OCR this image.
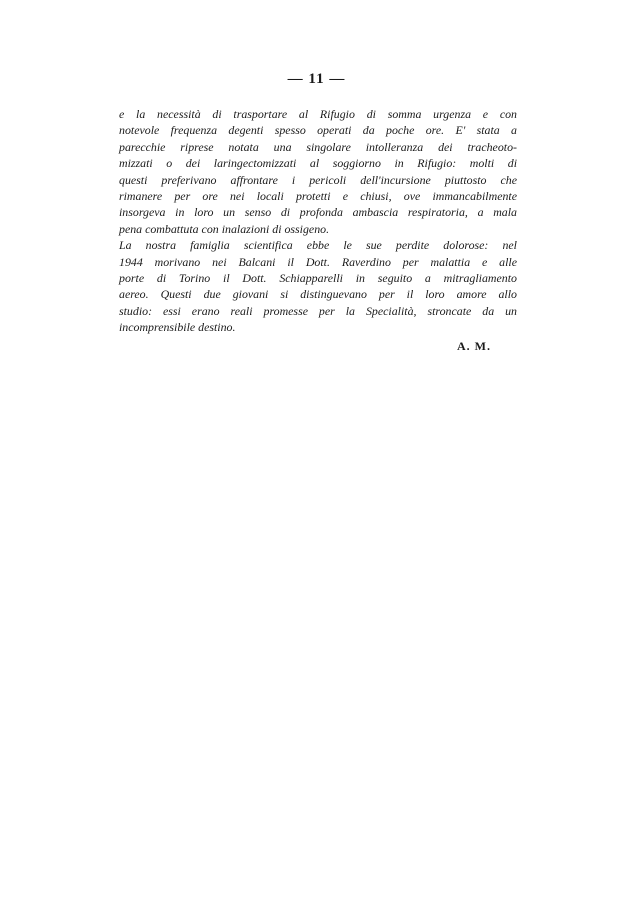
— 11 —

e la necessità di trasportare al Rifugio di somma urgenza e con
notevole frequenza degenti spesso operati da poche ore. E' stata a
parecchie riprese notata una singolare intolleranza dei tracheoto-
mizzati o dei laringectomizzati al soggiorno in Rifugio: molti di
questi preferivano affrontare i pericoli dell'incursione piuttosto che
rimanere per ore nei locali protetti e chiusi, ove immancabilmente
insorgeva in loro un senso di profonda ambascia respiratoria, a mala
pena combattuta con inalazioni di ossigeno.

La nostra famiglia scientifica ebbe le sue perdite dolorose: nel
1944 morivano nei Balcani il Dott. Raverdino per malattia e alle
porte di Torino il Dott. Schiapparelli in seguito a mitragliamento
aereo. Questi due giovani si distinguevano per il loro amore allo
studio: essi erano reali promesse per la Specialità, stroncate da un
incomprensibile destino.

A. M.
